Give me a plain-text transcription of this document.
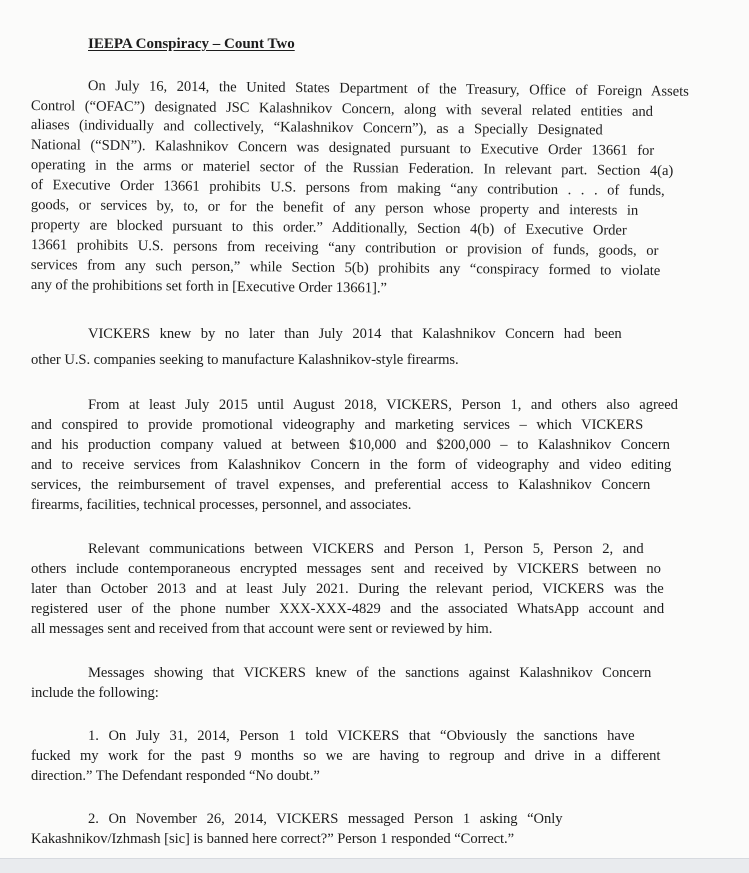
IEEPA Conspiracy – Count Two
On July 16, 2014, the United States Department of the Treasury, Office of Foreign Assets
Control (“OFAC”) designated JSC Kalashnikov Concern, along with several related entities and
aliases (individually and collectively, “Kalashnikov Concern”), as a Specially Designated
National (“SDN”). Kalashnikov Concern was designated pursuant to Executive Order 13661 for
operating in the arms or materiel sector of the Russian Federation. In relevant part. Section 4(a)
of Executive Order 13661 prohibits U.S. persons from making “any contribution . . . of funds,
goods, or services by, to, or for the benefit of any person whose property and interests in
property are blocked pursuant to this order.” Additionally, Section 4(b) of Executive Order
13661 prohibits U.S. persons from receiving “any contribution or provision of funds, goods, or
services from any such person,” while Section 5(b) prohibits any “conspiracy formed to violate
any of the prohibitions set forth in [Executive Order 13661].”
VICKERS knew by no later than July 2014 that Kalashnikov Concern had been
other U.S. companies seeking to manufacture Kalashnikov-style firearms.
From at least July 2015 until August 2018, VICKERS, Person 1, and others also agreed
and conspired to provide promotional videography and marketing services – which VICKERS
and his production company valued at between $10,000 and $200,000 – to Kalashnikov Concern
and to receive services from Kalashnikov Concern in the form of videography and video editing
services, the reimbursement of travel expenses, and preferential access to Kalashnikov Concern
firearms, facilities, technical processes, personnel, and associates.
Relevant communications between VICKERS and Person 1, Person 5, Person 2, and
others include contemporaneous encrypted messages sent and received by VICKERS between no
later than October 2013 and at least July 2021. During the relevant period, VICKERS was the
registered user of the phone number XXX-XXX-4829 and the associated WhatsApp account and
all messages sent and received from that account were sent or reviewed by him.
Messages showing that VICKERS knew of the sanctions against Kalashnikov Concern
include the following:
1. On July 31, 2014, Person 1 told VICKERS that “Obviously the sanctions have
fucked my work for the past 9 months so we are having to regroup and drive in a different
direction.” The Defendant responded “No doubt.”
2. On November 26, 2014, VICKERS messaged Person 1 asking “Only
Kakashnikov/Izhmash [sic] is banned here correct?” Person 1 responded “Correct.”
